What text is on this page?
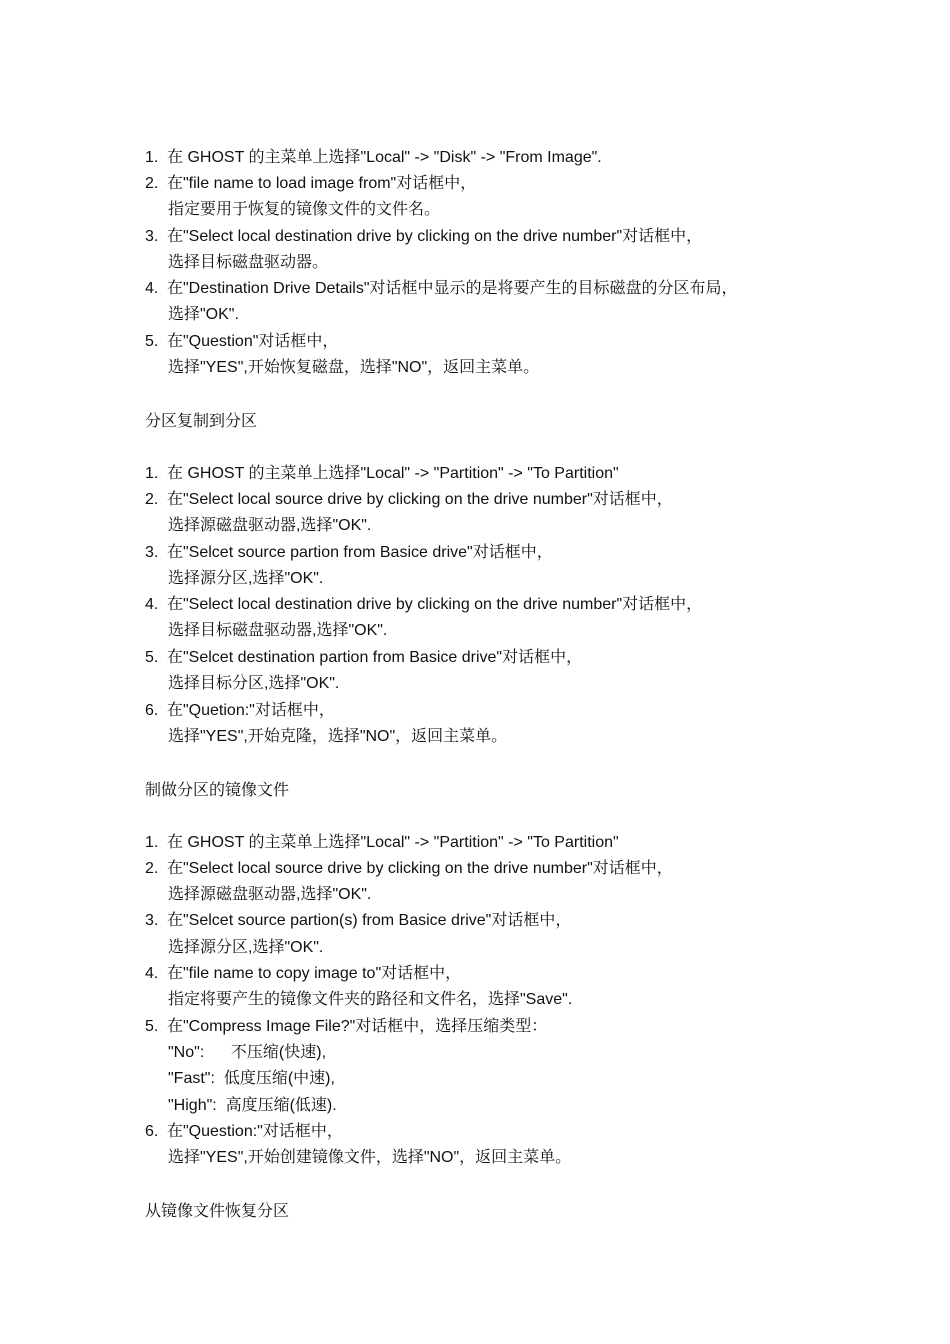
1. 在 GHOST 的主菜单上选择"Local" -> "Disk" -> "From Image".
2. 在"file name to load image from"对话框中，
指定要用于恢复的镜像文件的文件名。
3. 在"Select local destination drive by clicking on the drive number"对话框中，
选择目标磁盘驱动器。
4. 在"Destination Drive Details"对话框中显示的是将要产生的目标磁盘的分区布局，
选择"OK".
5. 在"Question"对话框中，
选择"YES",开始恢复磁盘，选择"NO"，返回主菜单。
分区复制到分区
1. 在 GHOST 的主菜单上选择"Local" -> "Partition" -> "To Partition"
2. 在"Select local source drive by clicking on the drive number"对话框中，
选择源磁盘驱动器,选择"OK".
3. 在"Selcet source partion from Basice drive"对话框中，
选择源分区,选择"OK".
4. 在"Select local destination drive by clicking on the drive number"对话框中，
选择目标磁盘驱动器,选择"OK".
5. 在"Selcet destination partion from Basice drive"对话框中，
选择目标分区,选择"OK".
6. 在"Quetion:"对话框中，
选择"YES",开始克隆，选择"NO"，返回主菜单。
制做分区的镜像文件
1. 在 GHOST 的主菜单上选择"Local" -> "Partition" -> "To Partition"
2. 在"Select local source drive by clicking on the drive number"对话框中，
选择源磁盘驱动器,选择"OK".
3. 在"Selcet source partion(s) from Basice drive"对话框中，
选择源分区,选择"OK".
4. 在"file name to copy image to"对话框中，
指定将要产生的镜像文件夹的路径和文件名，选择"Save".
5. 在"Compress Image File?"对话框中，选择压缩类型：
"No":      不压缩(快速),
"Fast":  低度压缩(中速),
"High":  高度压缩(低速).
6. 在"Question:"对话框中，
选择"YES",开始创建镜像文件，选择"NO"，返回主菜单。
从镜像文件恢复分区
